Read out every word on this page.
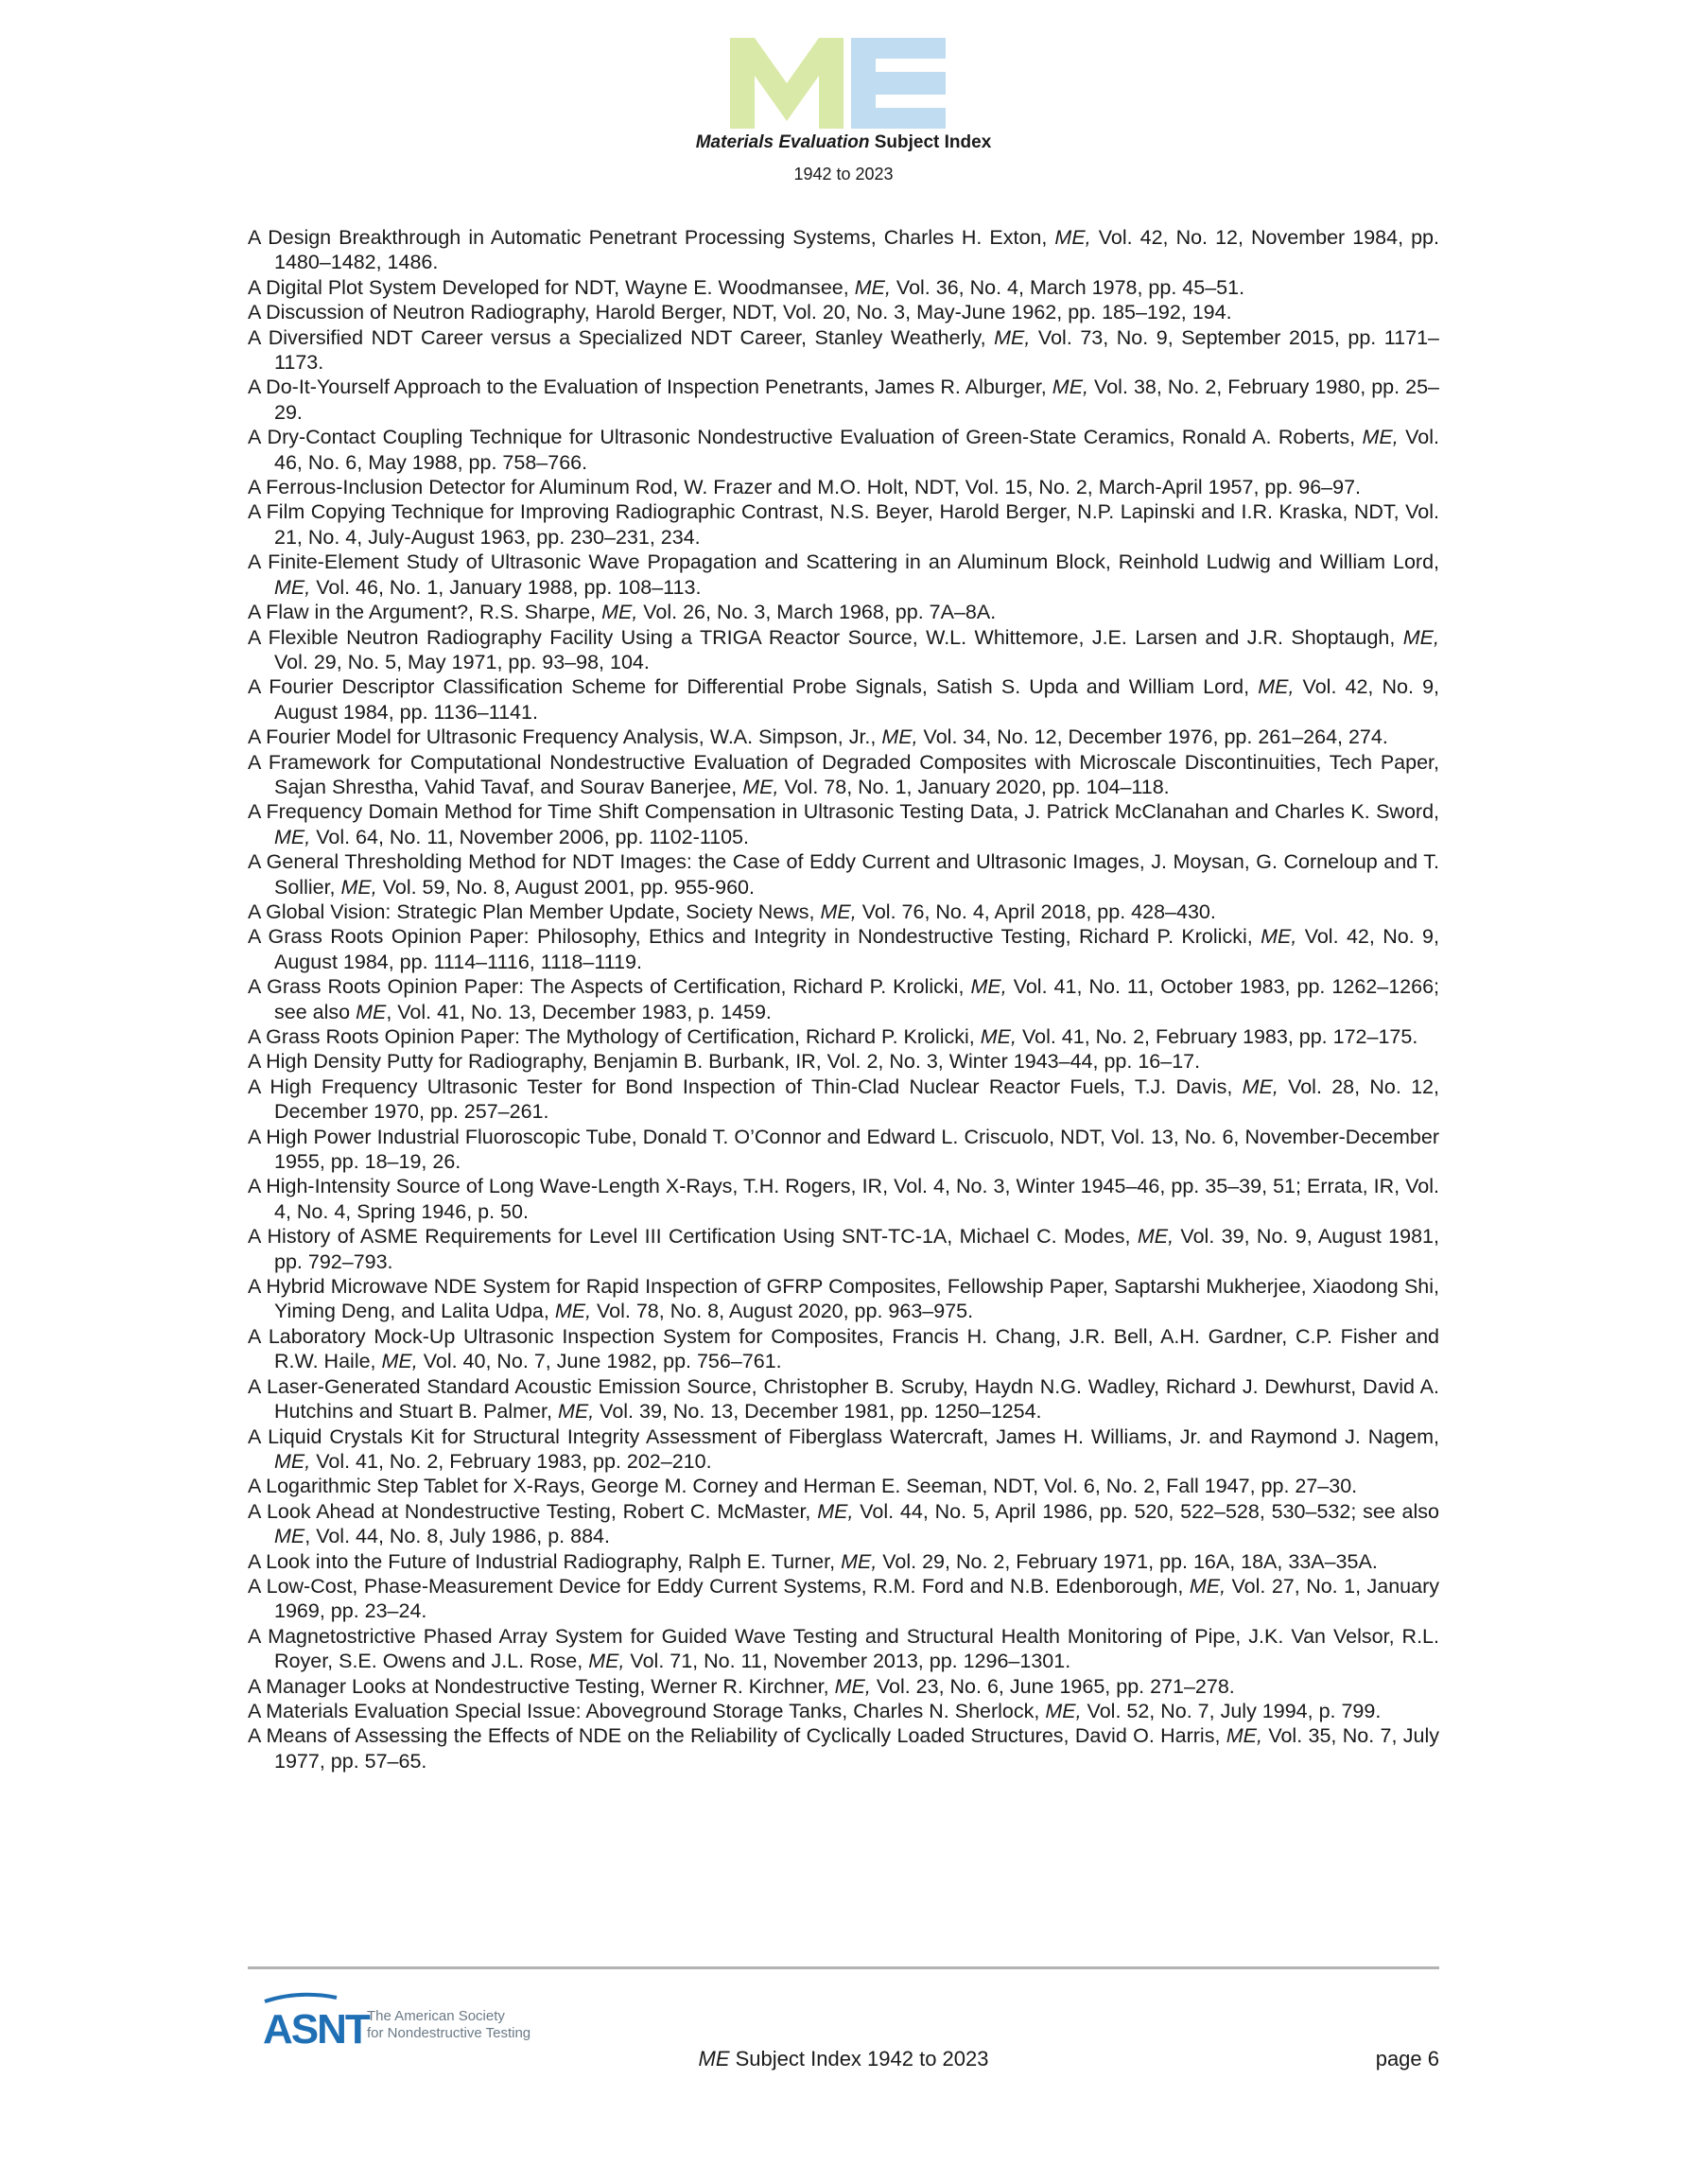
Materials Evaluation Subject Index
1942 to 2023

A Design Breakthrough in Automatic Penetrant Processing Systems, Charles H. Exton, ME, Vol. 42, No. 12, November 1984, pp. 1480–1482, 1486.

A Digital Plot System Developed for NDT, Wayne E. Woodmansee, ME, Vol. 36, No. 4, March 1978, pp. 45–51.

A Discussion of Neutron Radiography, Harold Berger, NDT, Vol. 20, No. 3, May-June 1962, pp. 185–192, 194.

A Diversified NDT Career versus a Specialized NDT Career, Stanley Weatherly, ME, Vol. 73, No. 9, September 2015, pp. 1171–1173.

A Do-It-Yourself Approach to the Evaluation of Inspection Penetrants, James R. Alburger, ME, Vol. 38, No. 2, February 1980, pp. 25–29.

A Dry-Contact Coupling Technique for Ultrasonic Nondestructive Evaluation of Green-State Ceramics, Ronald A. Roberts, ME, Vol. 46, No. 6, May 1988, pp. 758–766.

A Ferrous-Inclusion Detector for Aluminum Rod, W. Frazer and M.O. Holt, NDT, Vol. 15, No. 2, March-April 1957, pp. 96–97.

A Film Copying Technique for Improving Radiographic Contrast, N.S. Beyer, Harold Berger, N.P. Lapinski and I.R. Kraska, NDT, Vol. 21, No. 4, July-August 1963, pp. 230–231, 234.

A Finite-Element Study of Ultrasonic Wave Propagation and Scattering in an Aluminum Block, Reinhold Ludwig and William Lord, ME, Vol. 46, No. 1, January 1988, pp. 108–113.

A Flaw in the Argument?, R.S. Sharpe, ME, Vol. 26, No. 3, March 1968, pp. 7A–8A.

A Flexible Neutron Radiography Facility Using a TRIGA Reactor Source, W.L. Whittemore, J.E. Larsen and J.R. Shoptaugh, ME, Vol. 29, No. 5, May 1971, pp. 93–98, 104.

A Fourier Descriptor Classification Scheme for Differential Probe Signals, Satish S. Upda and William Lord, ME, Vol. 42, No. 9, August 1984, pp. 1136–1141.

A Fourier Model for Ultrasonic Frequency Analysis, W.A. Simpson, Jr., ME, Vol. 34, No. 12, December 1976, pp. 261–264, 274.

A Framework for Computational Nondestructive Evaluation of Degraded Composites with Microscale Discontinuities, Tech Paper, Sajan Shrestha, Vahid Tavaf, and Sourav Banerjee, ME, Vol. 78, No. 1, January 2020, pp. 104–118.

A Frequency Domain Method for Time Shift Compensation in Ultrasonic Testing Data, J. Patrick McClanahan and Charles K. Sword, ME, Vol. 64, No. 11, November 2006, pp. 1102-1105.

A General Thresholding Method for NDT Images: the Case of Eddy Current and Ultrasonic Images, J. Moysan, G. Corneloup and T. Sollier, ME, Vol. 59, No. 8, August 2001, pp. 955-960.

A Global Vision: Strategic Plan Member Update, Society News, ME, Vol. 76, No. 4, April 2018, pp. 428–430.

A Grass Roots Opinion Paper: Philosophy, Ethics and Integrity in Nondestructive Testing, Richard P. Krolicki, ME, Vol. 42, No. 9, August 1984, pp. 1114–1116, 1118–1119.

A Grass Roots Opinion Paper: The Aspects of Certification, Richard P. Krolicki, ME, Vol. 41, No. 11, October 1983, pp. 1262–1266; see also ME, Vol. 41, No. 13, December 1983, p. 1459.

A Grass Roots Opinion Paper: The Mythology of Certification, Richard P. Krolicki, ME, Vol. 41, No. 2, February 1983, pp. 172–175.

A High Density Putty for Radiography, Benjamin B. Burbank, IR, Vol. 2, No. 3, Winter 1943–44, pp. 16–17.

A High Frequency Ultrasonic Tester for Bond Inspection of Thin-Clad Nuclear Reactor Fuels, T.J. Davis, ME, Vol. 28, No. 12, December 1970, pp. 257–261.

A High Power Industrial Fluoroscopic Tube, Donald T. O’Connor and Edward L. Criscuolo, NDT, Vol. 13, No. 6, November-December 1955, pp. 18–19, 26.

A High-Intensity Source of Long Wave-Length X-Rays, T.H. Rogers, IR, Vol. 4, No. 3, Winter 1945–46, pp. 35–39, 51; Errata, IR, Vol. 4, No. 4, Spring 1946, p. 50.

A History of ASME Requirements for Level III Certification Using SNT-TC-1A, Michael C. Modes, ME, Vol. 39, No. 9, August 1981, pp. 792–793.

A Hybrid Microwave NDE System for Rapid Inspection of GFRP Composites, Fellowship Paper, Saptarshi Mukherjee, Xiaodong Shi, Yiming Deng, and Lalita Udpa, ME, Vol. 78, No. 8, August 2020, pp. 963–975.

A Laboratory Mock-Up Ultrasonic Inspection System for Composites, Francis H. Chang, J.R. Bell, A.H. Gardner, C.P. Fisher and R.W. Haile, ME, Vol. 40, No. 7, June 1982, pp. 756–761.

A Laser-Generated Standard Acoustic Emission Source, Christopher B. Scruby, Haydn N.G. Wadley, Richard J. Dewhurst, David A. Hutchins and Stuart B. Palmer, ME, Vol. 39, No. 13, December 1981, pp. 1250–1254.

A Liquid Crystals Kit for Structural Integrity Assessment of Fiberglass Watercraft, James H. Williams, Jr. and Raymond J. Nagem, ME, Vol. 41, No. 2, February 1983, pp. 202–210.

A Logarithmic Step Tablet for X-Rays, George M. Corney and Herman E. Seeman, NDT, Vol. 6, No. 2, Fall 1947, pp. 27–30.

A Look Ahead at Nondestructive Testing, Robert C. McMaster, ME, Vol. 44, No. 5, April 1986, pp. 520, 522–528, 530–532; see also ME, Vol. 44, No. 8, July 1986, p. 884.

A Look into the Future of Industrial Radiography, Ralph E. Turner, ME, Vol. 29, No. 2, February 1971, pp. 16A, 18A, 33A–35A.

A Low-Cost, Phase-Measurement Device for Eddy Current Systems, R.M. Ford and N.B. Edenborough, ME, Vol. 27, No. 1, January 1969, pp. 23–24.

A Magnetostrictive Phased Array System for Guided Wave Testing and Structural Health Monitoring of Pipe, J.K. Van Velsor, R.L. Royer, S.E. Owens and J.L. Rose, ME, Vol. 71, No. 11, November 2013, pp. 1296–1301.

A Manager Looks at Nondestructive Testing, Werner R. Kirchner, ME, Vol. 23, No. 6, June 1965, pp. 271–278.

A Materials Evaluation Special Issue: Aboveground Storage Tanks, Charles N. Sherlock, ME, Vol. 52, No. 7, July 1994, p. 799.

A Means of Assessing the Effects of NDE on the Reliability of Cyclically Loaded Structures, David O. Harris, ME, Vol. 35, No. 7, July 1977, pp. 57–65.

ASNT
The American Society
for Nondestructive Testing
ME Subject Index 1942 to 2023	page 6
